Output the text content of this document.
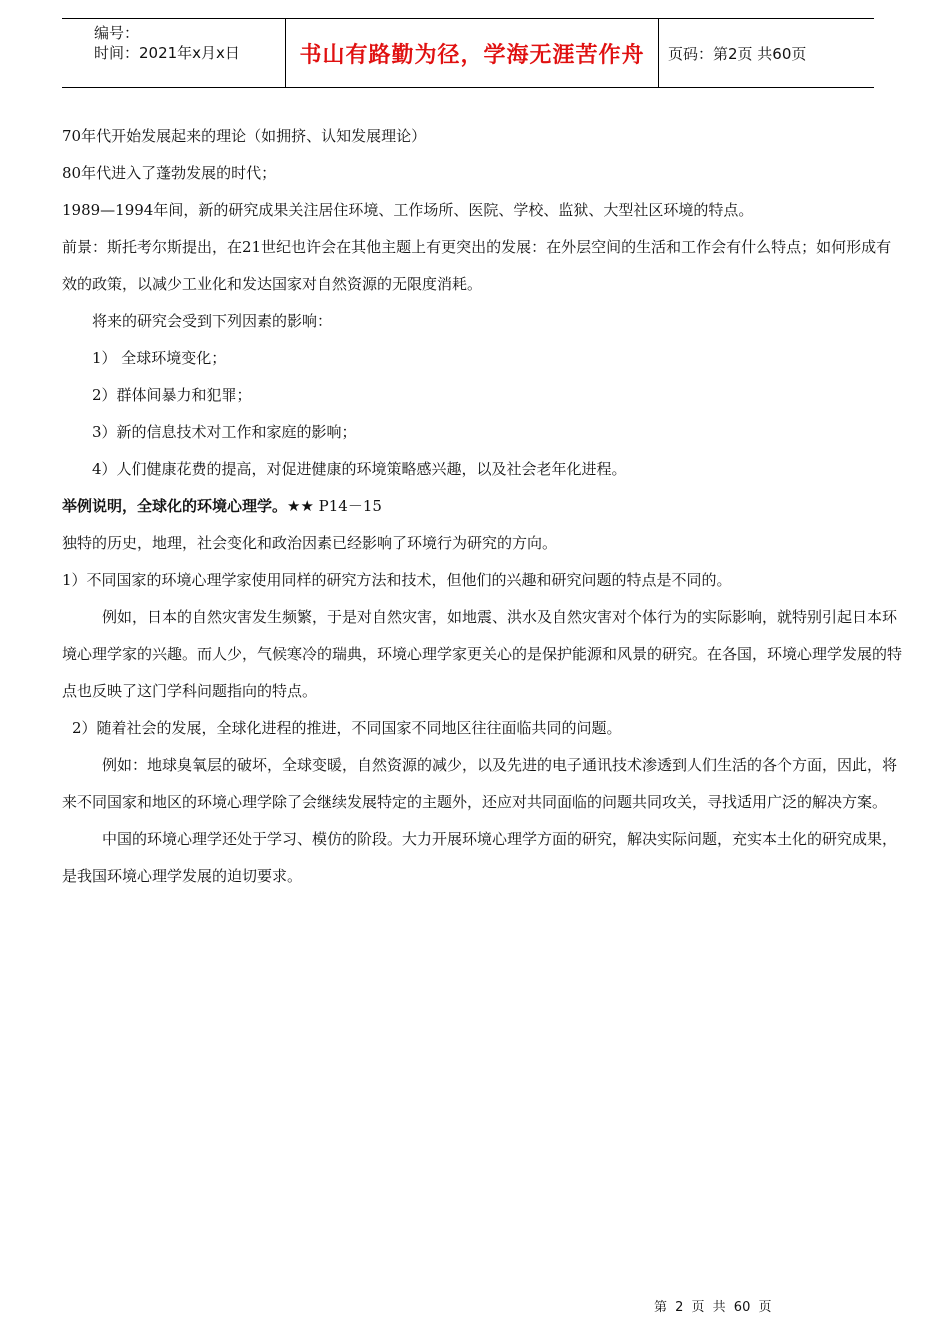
编号：
时间：2021年x月x日	书山有路勤为径，学海无涯苦作舟	页码：第2页 共60页

70年代开始发展起来的理论（如拥挤、认知发展理论）

80年代进入了蓬勃发展的时代；

1989—1994年间，新的研究成果关注居住环境、工作场所、医院、学校、监狱、大型社区环境的特点。

前景：斯托考尔斯提出，在21世纪也许会在其他主题上有更突出的发展：在外层空间的生活和工作会有什么特点；如何形成有效的政策，以减少工业化和发达国家对自然资源的无限度消耗。

将来的研究会受到下列因素的影响：

1） 全球环境变化；

2）群体间暴力和犯罪；

3）新的信息技术对工作和家庭的影响；

4）人们健康花费的提高，对促进健康的环境策略感兴趣，以及社会老年化进程。

举例说明，全球化的环境心理学。★★ P14－15

独特的历史，地理，社会变化和政治因素已经影响了环境行为研究的方向。

1）不同国家的环境心理学家使用同样的研究方法和技术，但他们的兴趣和研究问题的特点是不同的。

例如，日本的自然灾害发生频繁，于是对自然灾害，如地震、洪水及自然灾害对个体行为的实际影响，就特别引起日本环境心理学家的兴趣。而人少，气候寒冷的瑞典，环境心理学家更关心的是保护能源和风景的研究。在各国，环境心理学发展的特点也反映了这门学科问题指向的特点。

2）随着社会的发展，全球化进程的推进，不同国家不同地区往往面临共同的问题。

例如：地球臭氧层的破坏，全球变暖，自然资源的减少，以及先进的电子通讯技术渗透到人们生活的各个方面，因此，将来不同国家和地区的环境心理学除了会继续发展特定的主题外，还应对共同面临的问题共同攻关，寻找适用广泛的解决方案。

中国的环境心理学还处于学习、模仿的阶段。大力开展环境心理学方面的研究，解决实际问题，充实本土化的研究成果，是我国环境心理学发展的迫切要求。

第 2 页 共 60 页
